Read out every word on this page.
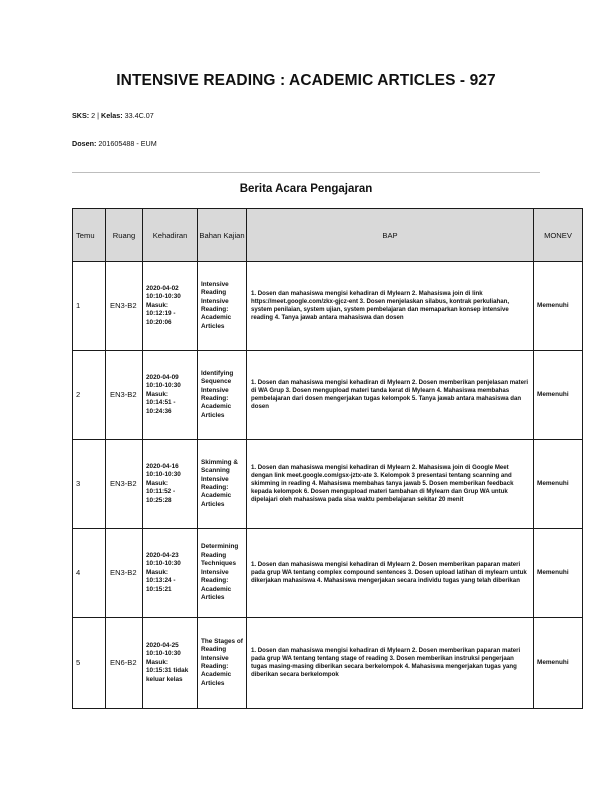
INTENSIVE READING : ACADEMIC ARTICLES - 927
SKS: 2 | Kelas: 33.4C.07
Dosen: 201605488 - EUM
Berita Acara Pengajaran
Temu	Ruang	Kehadiran	Bahan Kajian	BAP	MONEV
1	EN3-B2	2020-04-02 10:10-10:30 Masuk: 10:12:19 - 10:20:06	Intensive Reading Intensive Reading: Academic Articles	1. Dosen dan mahasiswa mengisi kehadiran di Mylearn 2. Mahasiswa join di link https://meet.google.com/zkx-gjcz-ent 3. Dosen menjelaskan silabus, kontrak perkuliahan, system penilaian, system ujian, system pembelajaran dan memaparkan konsep intensive reading 4. Tanya jawab antara mahasiswa dan dosen	Memenuhi
2	EN3-B2	2020-04-09 10:10-10:30 Masuk: 10:14:51 - 10:24:36	Identifying Sequence Intensive Reading: Academic Articles	1. Dosen dan mahasiswa mengisi kehadiran di Mylearn 2. Dosen memberikan penjelasan materi di WA Grup 3. Dosen mengupload materi tanda kerat di Mylearn 4. Mahasiswa membahas pembelajaran dari dosen mengerjakan tugas kelompok 5. Tanya jawab antara mahasiswa dan dosen	Memenuhi
3	EN3-B2	2020-04-16 10:10-10:30 Masuk: 10:11:52 - 10:25:28	Skimming & Scanning Intensive Reading: Academic Articles	1. Dosen dan mahasiswa mengisi kehadiran di Mylearn 2. Mahasiswa join di Google Meet dengan link meet.google.com/gsx-jztx-ate 3. Kelompok 3 presentasi tentang scanning and skimming in reading 4. Mahasiswa membahas tanya jawab 5. Dosen memberikan feedback kepada kelompok 6. Dosen mengupload materi tambahan di Mylearn dan Grup WA untuk dipelajari oleh mahasiswa pada sisa waktu pembelajaran sekitar 20 menit	Memenuhi
4	EN3-B2	2020-04-23 10:10-10:30 Masuk: 10:13:24 - 10:15:21	Determining Reading Techniques Intensive Reading: Academic Articles	1. Dosen dan mahasiswa mengisi kehadiran di Mylearn 2. Dosen memberikan paparan materi pada grup WA tentang complex compound sentences 3. Dosen upload latihan di mylearn untuk dikerjakan mahasiswa 4. Mahasiswa mengerjakan secara individu tugas yang telah diberikan	Memenuhi
5	EN6-B2	2020-04-25 10:10-10:30 Masuk: 10:15:31 tidak keluar kelas	The Stages of Reading Intensive Reading: Academic Articles	1. Dosen dan mahasiswa mengisi kehadiran di Mylearn 2. Dosen memberikan paparan materi pada grup WA tentang tentang stage of reading 3. Dosen memberikan instruksi pengerjaan tugas masing-masing diberikan secara berkelompok 4. Mahasiswa mengerjakan tugas yang diberikan secara berkelompok	Memenuhi
